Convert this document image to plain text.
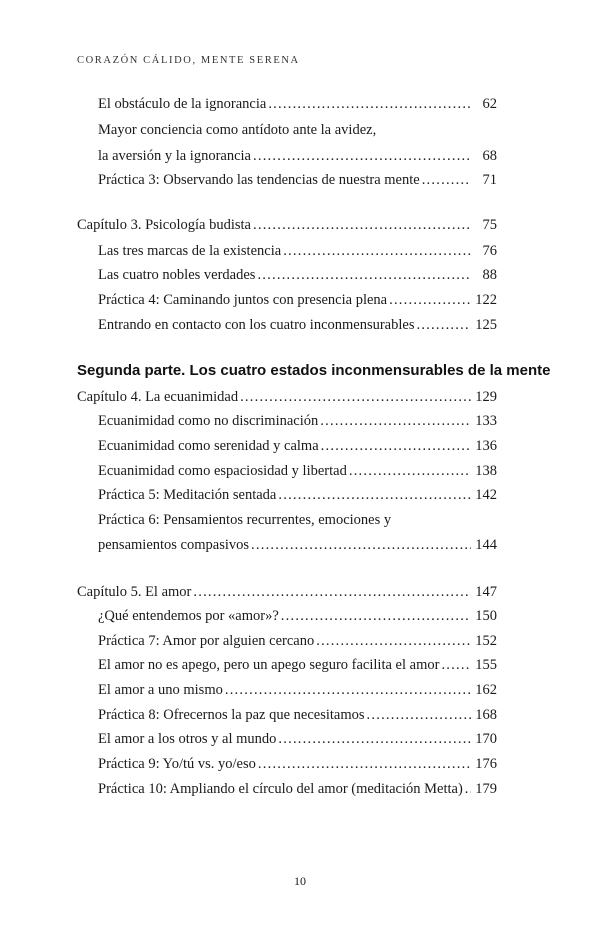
CORAZÓN CÁLIDO, MENTE SERENA
El obstáculo de la ignorancia . . .	62
Mayor conciencia como antídoto ante la avidez,
la aversión y la ignorancia . . .	68
Práctica 3: Observando las tendencias de nuestra mente . . .	71
Capítulo 3. Psicología budista . . .	75
Las tres marcas de la existencia . . .	76
Las cuatro nobles verdades . . .	88
Práctica 4: Caminando juntos con presencia plena . . .	122
Entrando en contacto con los cuatro inconmensurables . . .	125
Capítulo 4. La ecuanimidad . . .	129
Ecuanimidad como no discriminación . . .	133
Ecuanimidad como serenidad y calma . . .	136
Ecuanimidad como espaciosidad y libertad . . .	138
Práctica 5: Meditación sentada . . .	142
Práctica 6: Pensamientos recurrentes, emociones y
pensamientos compasivos . . .	144
Capítulo 5. El amor . . .	147
¿Qué entendemos por «amor»? . . .	150
Práctica 7: Amor por alguien cercano . . .	152
El amor no es apego, pero un apego seguro facilita el amor . . . 155
El amor a uno mismo . . .	162
Práctica 8: Ofrecernos la paz que necesitamos . . .	168
El amor a los otros y al mundo . . .	170
Práctica 9: Yo/tú vs. yo/eso . . .	176
Práctica 10: Ampliando el círculo del amor (meditación Metta) . . . 179
Segunda parte. Los cuatro estados inconmensurables de la mente
10
